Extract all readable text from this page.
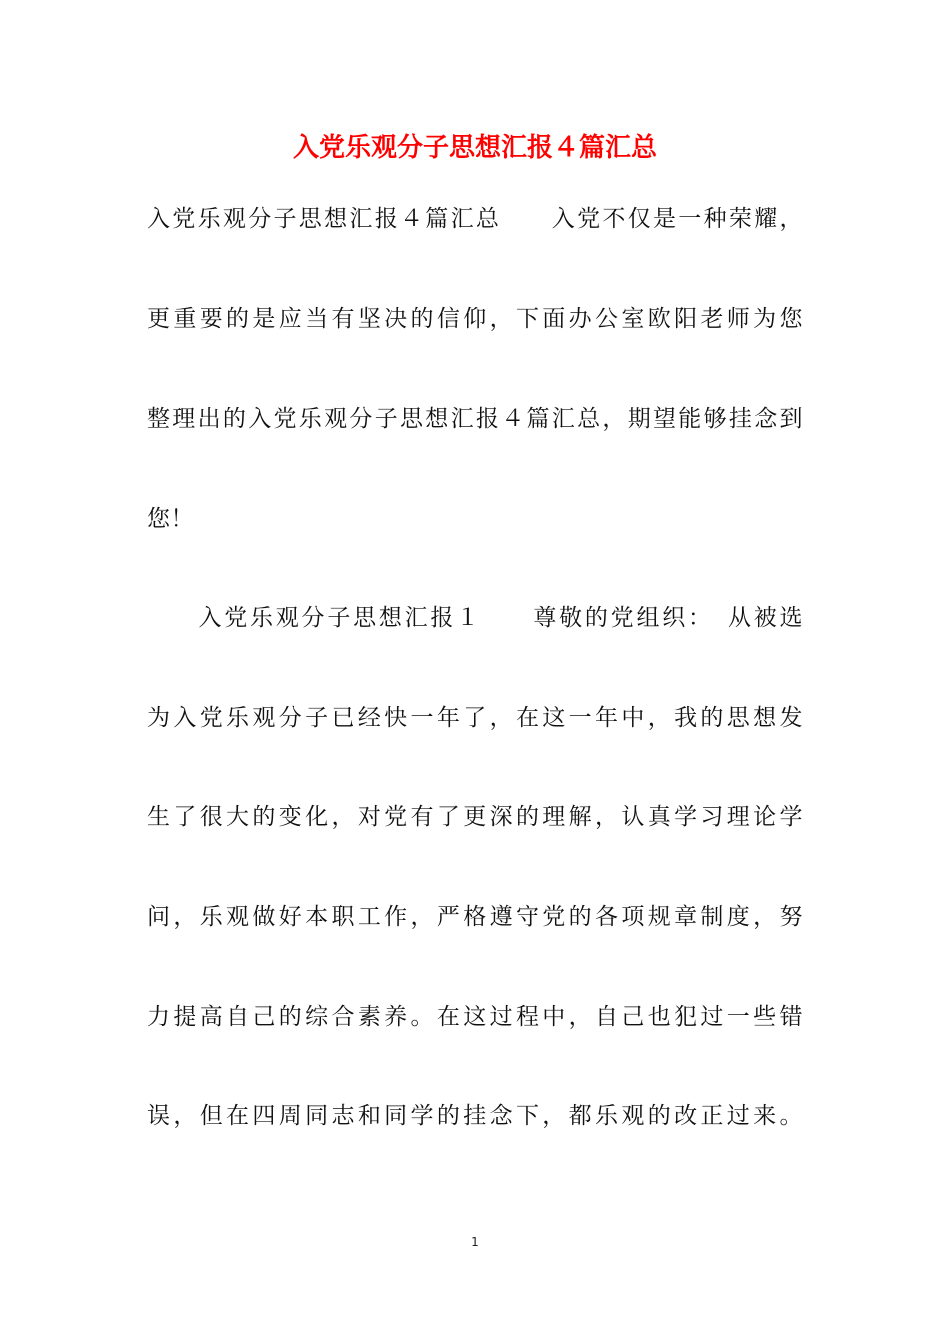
入党乐观分子思想汇报４篇汇总
入党乐观分子思想汇报４篇汇总　　入党不仅是一种荣耀，
更重要的是应当有坚决的信仰，下面办公室欧阳老师为您
整理出的入党乐观分子思想汇报４篇汇总，期望能够挂念到
您！
　　入党乐观分子思想汇报１　　尊敬的党组织：　从被选
为入党乐观分子已经快一年了，在这一年中，我的思想发
生了很大的变化，对党有了更深的理解，认真学习理论学
问，乐观做好本职工作，严格遵守党的各项规章制度，努
力提高自己的综合素养。在这过程中，自己也犯过一些错
误，但在四周同志和同学的挂念下，都乐观的改正过来。
1
